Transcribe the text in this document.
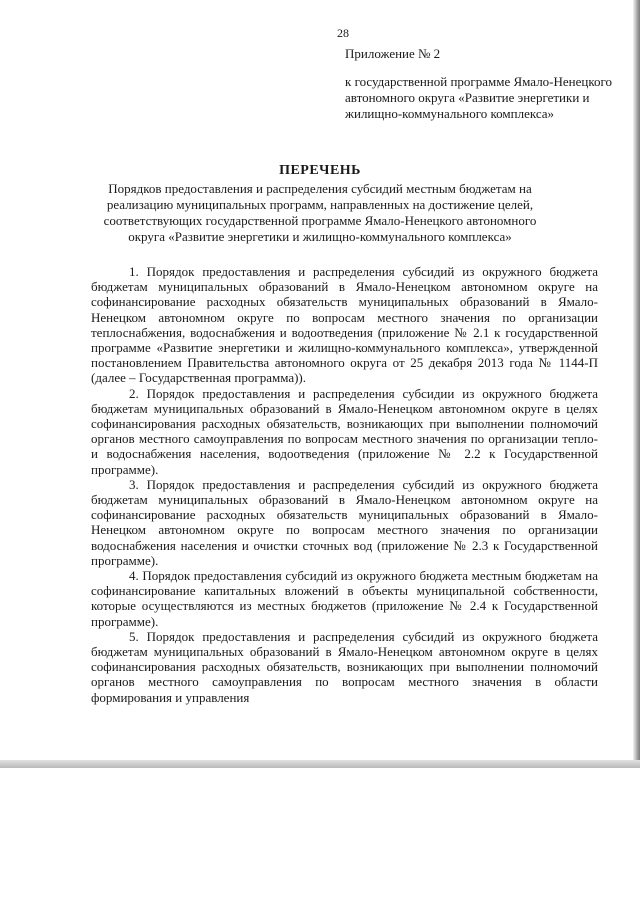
28

Приложение № 2

к государственной программе Ямало-Ненецкого автономного округа «Развитие энергетики и жилищно-коммунального комплекса»

ПЕРЕЧЕНЬ

Порядков предоставления и распределения субсидий местным бюджетам на реализацию муниципальных программ, направленных на достижение целей, соответствующих государственной программе Ямало-Ненецкого автономного округа «Развитие энергетики и жилищно-коммунального комплекса»

1. Порядок предоставления и распределения субсидий из окружного бюджета бюджетам муниципальных образований в Ямало-Ненецком автономном округе на софинансирование расходных обязательств муниципальных образований в Ямало-Ненецком автономном округе по вопросам местного значения по организации теплоснабжения, водоснабжения и водоотведения (приложение № 2.1 к государственной программе «Развитие энергетики и жилищно-коммунального комплекса», утвержденной постановлением Правительства автономного округа от 25 декабря 2013 года № 1144-П (далее – Государственная программа)).

2. Порядок предоставления и распределения субсидии из окружного бюджета бюджетам муниципальных образований в Ямало-Ненецком автономном округе в целях софинансирования расходных обязательств, возникающих при выполнении полномочий органов местного самоуправления по вопросам местного значения по организации тепло- и водоснабжения населения, водоотведения (приложение № 2.2 к Государственной программе).

3. Порядок предоставления и распределения субсидий из окружного бюджета бюджетам муниципальных образований в Ямало-Ненецком автономном округе на софинансирование расходных обязательств муниципальных образований в Ямало-Ненецком автономном округе по вопросам местного значения по организации водоснабжения населения и очистки сточных вод (приложение № 2.3 к Государственной программе).

4. Порядок предоставления субсидий из окружного бюджета местным бюджетам на софинансирование капитальных вложений в объекты муниципальной собственности, которые осуществляются из местных бюджетов (приложение № 2.4 к Государственной программе).

5. Порядок предоставления и распределения субсидий из окружного бюджета бюджетам муниципальных образований в Ямало-Ненецком автономном округе в целях софинансирования расходных обязательств, возникающих при выполнении полномочий органов местного самоуправления по вопросам местного значения в области формирования и управления
